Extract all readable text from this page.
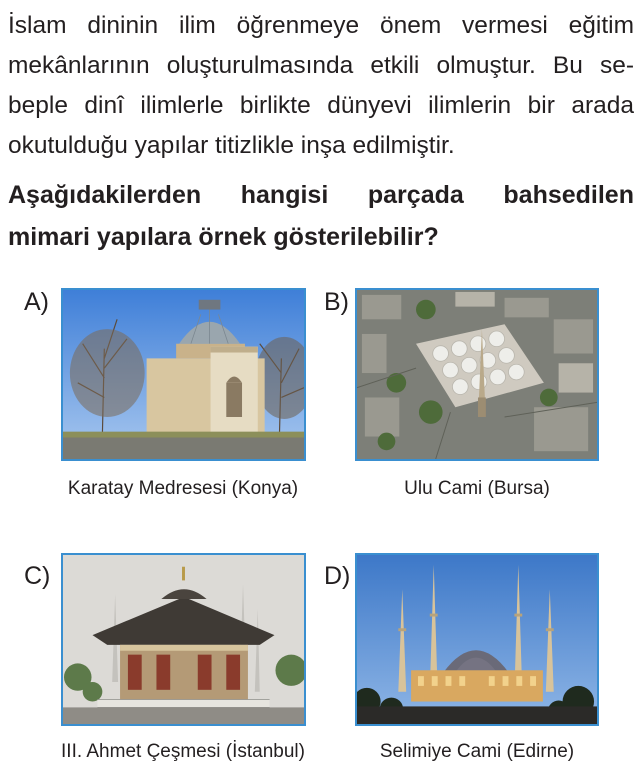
İslam dininin ilim öğrenmeye önem vermesi eğitim
mekânlarının oluşturulmasında etkili olmuştur. Bu se-
beple dinî ilimlerle birlikte dünyevi ilimlerin bir arada
okutulduğu yapılar titizlikle inşa edilmiştir.
Aşağıdakilerden hangisi parçada bahsedilen
mimari yapılara örnek gösterilebilir?
A)
Karatay Medresesi (Konya)
B)
Ulu Cami (Bursa)
C)
III. Ahmet Çeşmesi (İstanbul)
D)
Selimiye Cami (Edirne)
